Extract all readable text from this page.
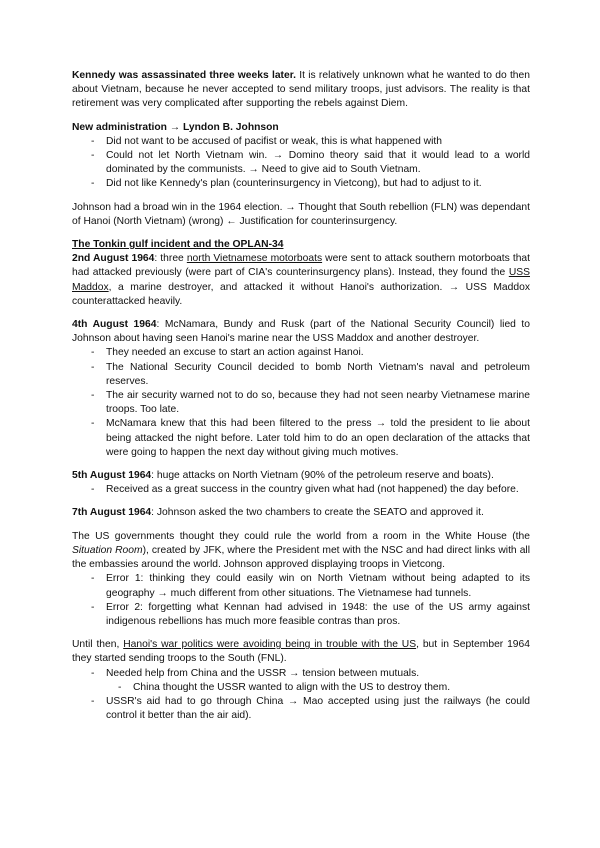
Kennedy was assassinated three weeks later. It is relatively unknown what he wanted to do then about Vietnam, because he never accepted to send military troops, just advisors. The reality is that retirement was very complicated after supporting the rebels against Diem.

New administration → Lyndon B. Johnson

- Did not want to be accused of pacifist or weak, this is what happened with
- Could not let North Vietnam win. → Domino theory said that it would lead to a world dominated by the communists. → Need to give aid to South Vietnam.
- Did not like Kennedy's plan (counterinsurgency in Vietcong), but had to adjust to it.

Johnson had a broad win in the 1964 election. → Thought that South rebellion (FLN) was dependant of Hanoi (North Vietnam) (wrong) ← Justification for counterinsurgency.

The Tonkin gulf incident and the OPLAN-34

2nd August 1964: three north Vietnamese motorboats were sent to attack southern motorboats that had attacked previously (were part of CIA's counterinsurgency plans). Instead, they found the USS Maddox, a marine destroyer, and attacked it without Hanoi's authorization. → USS Maddox counterattacked heavily.

4th August 1964: McNamara, Bundy and Rusk (part of the National Security Council) lied to Johnson about having seen Hanoi's marine near the USS Maddox and another destroyer.

- They needed an excuse to start an action against Hanoi.
- The National Security Council decided to bomb North Vietnam's naval and petroleum reserves.
- The air security warned not to do so, because they had not seen nearby Vietnamese marine troops. Too late.
- McNamara knew that this had been filtered to the press → told the president to lie about being attacked the night before. Later told him to do an open declaration of the attacks that were going to happen the next day without giving much motives.

5th August 1964: huge attacks on North Vietnam (90% of the petroleum reserve and boats).

- Received as a great success in the country given what had (not happened) the day before.

7th August 1964: Johnson asked the two chambers to create the SEATO and approved it.

The US governments thought they could rule the world from a room in the White House (the Situation Room), created by JFK, where the President met with the NSC and had direct links with all the embassies around the world. Johnson approved displaying troops in Vietcong.

- Error 1: thinking they could easily win on North Vietnam without being adapted to its geography → much different from other situations. The Vietnamese had tunnels.
- Error 2: forgetting what Kennan had advised in 1948: the use of the US army against indigenous rebellions has much more feasible contras than pros.

Until then, Hanoi's war politics were avoiding being in trouble with the US, but in September 1964 they started sending troops to the South (FNL).

- Needed help from China and the USSR → tension between mutuals.
- China thought the USSR wanted to align with the US to destroy them.
- USSR's aid had to go through China → Mao accepted using just the railways (he could control it better than the air aid).
